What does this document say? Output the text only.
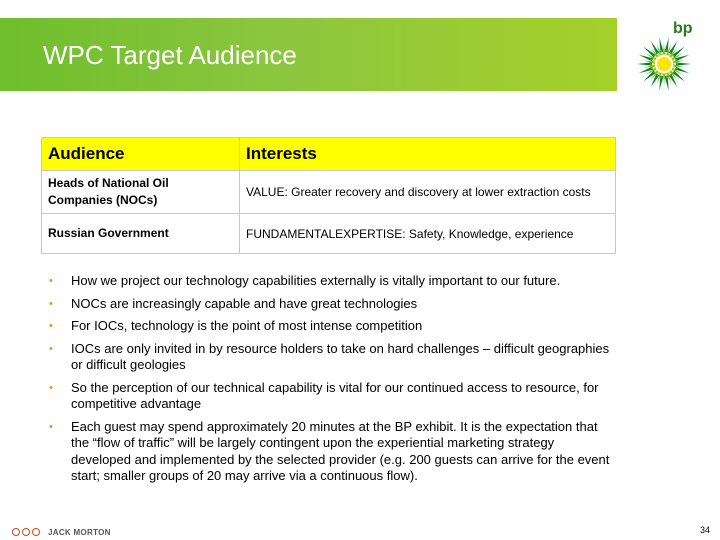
WPC Target Audience
bp
Audience	Interests
Heads of National Oil Companies (NOCs)	VALUE: Greater recovery and discovery at lower extraction costs
Russian Government	FUNDAMENTALEXPERTISE: Safety, Knowledge, experience
• How we project our technology capabilities externally is vitally important to our future.
• NOCs are increasingly capable and have great technologies
• For IOCs, technology is the point of most intense competition
• IOCs are only invited in by resource holders to take on hard challenges – difficult geographies or difficult geologies
• So the perception of our technical capability is vital for our continued access to resource, for competitive advantage
• Each guest may spend approximately 20 minutes at the BP exhibit. It is the expectation that the “flow of traffic” will be largely contingent upon the experiential marketing strategy developed and implemented by the selected provider (e.g. 200 guests can arrive for the event start; smaller groups of 20 may arrive via a continuous flow).
JACK MORTON	34
